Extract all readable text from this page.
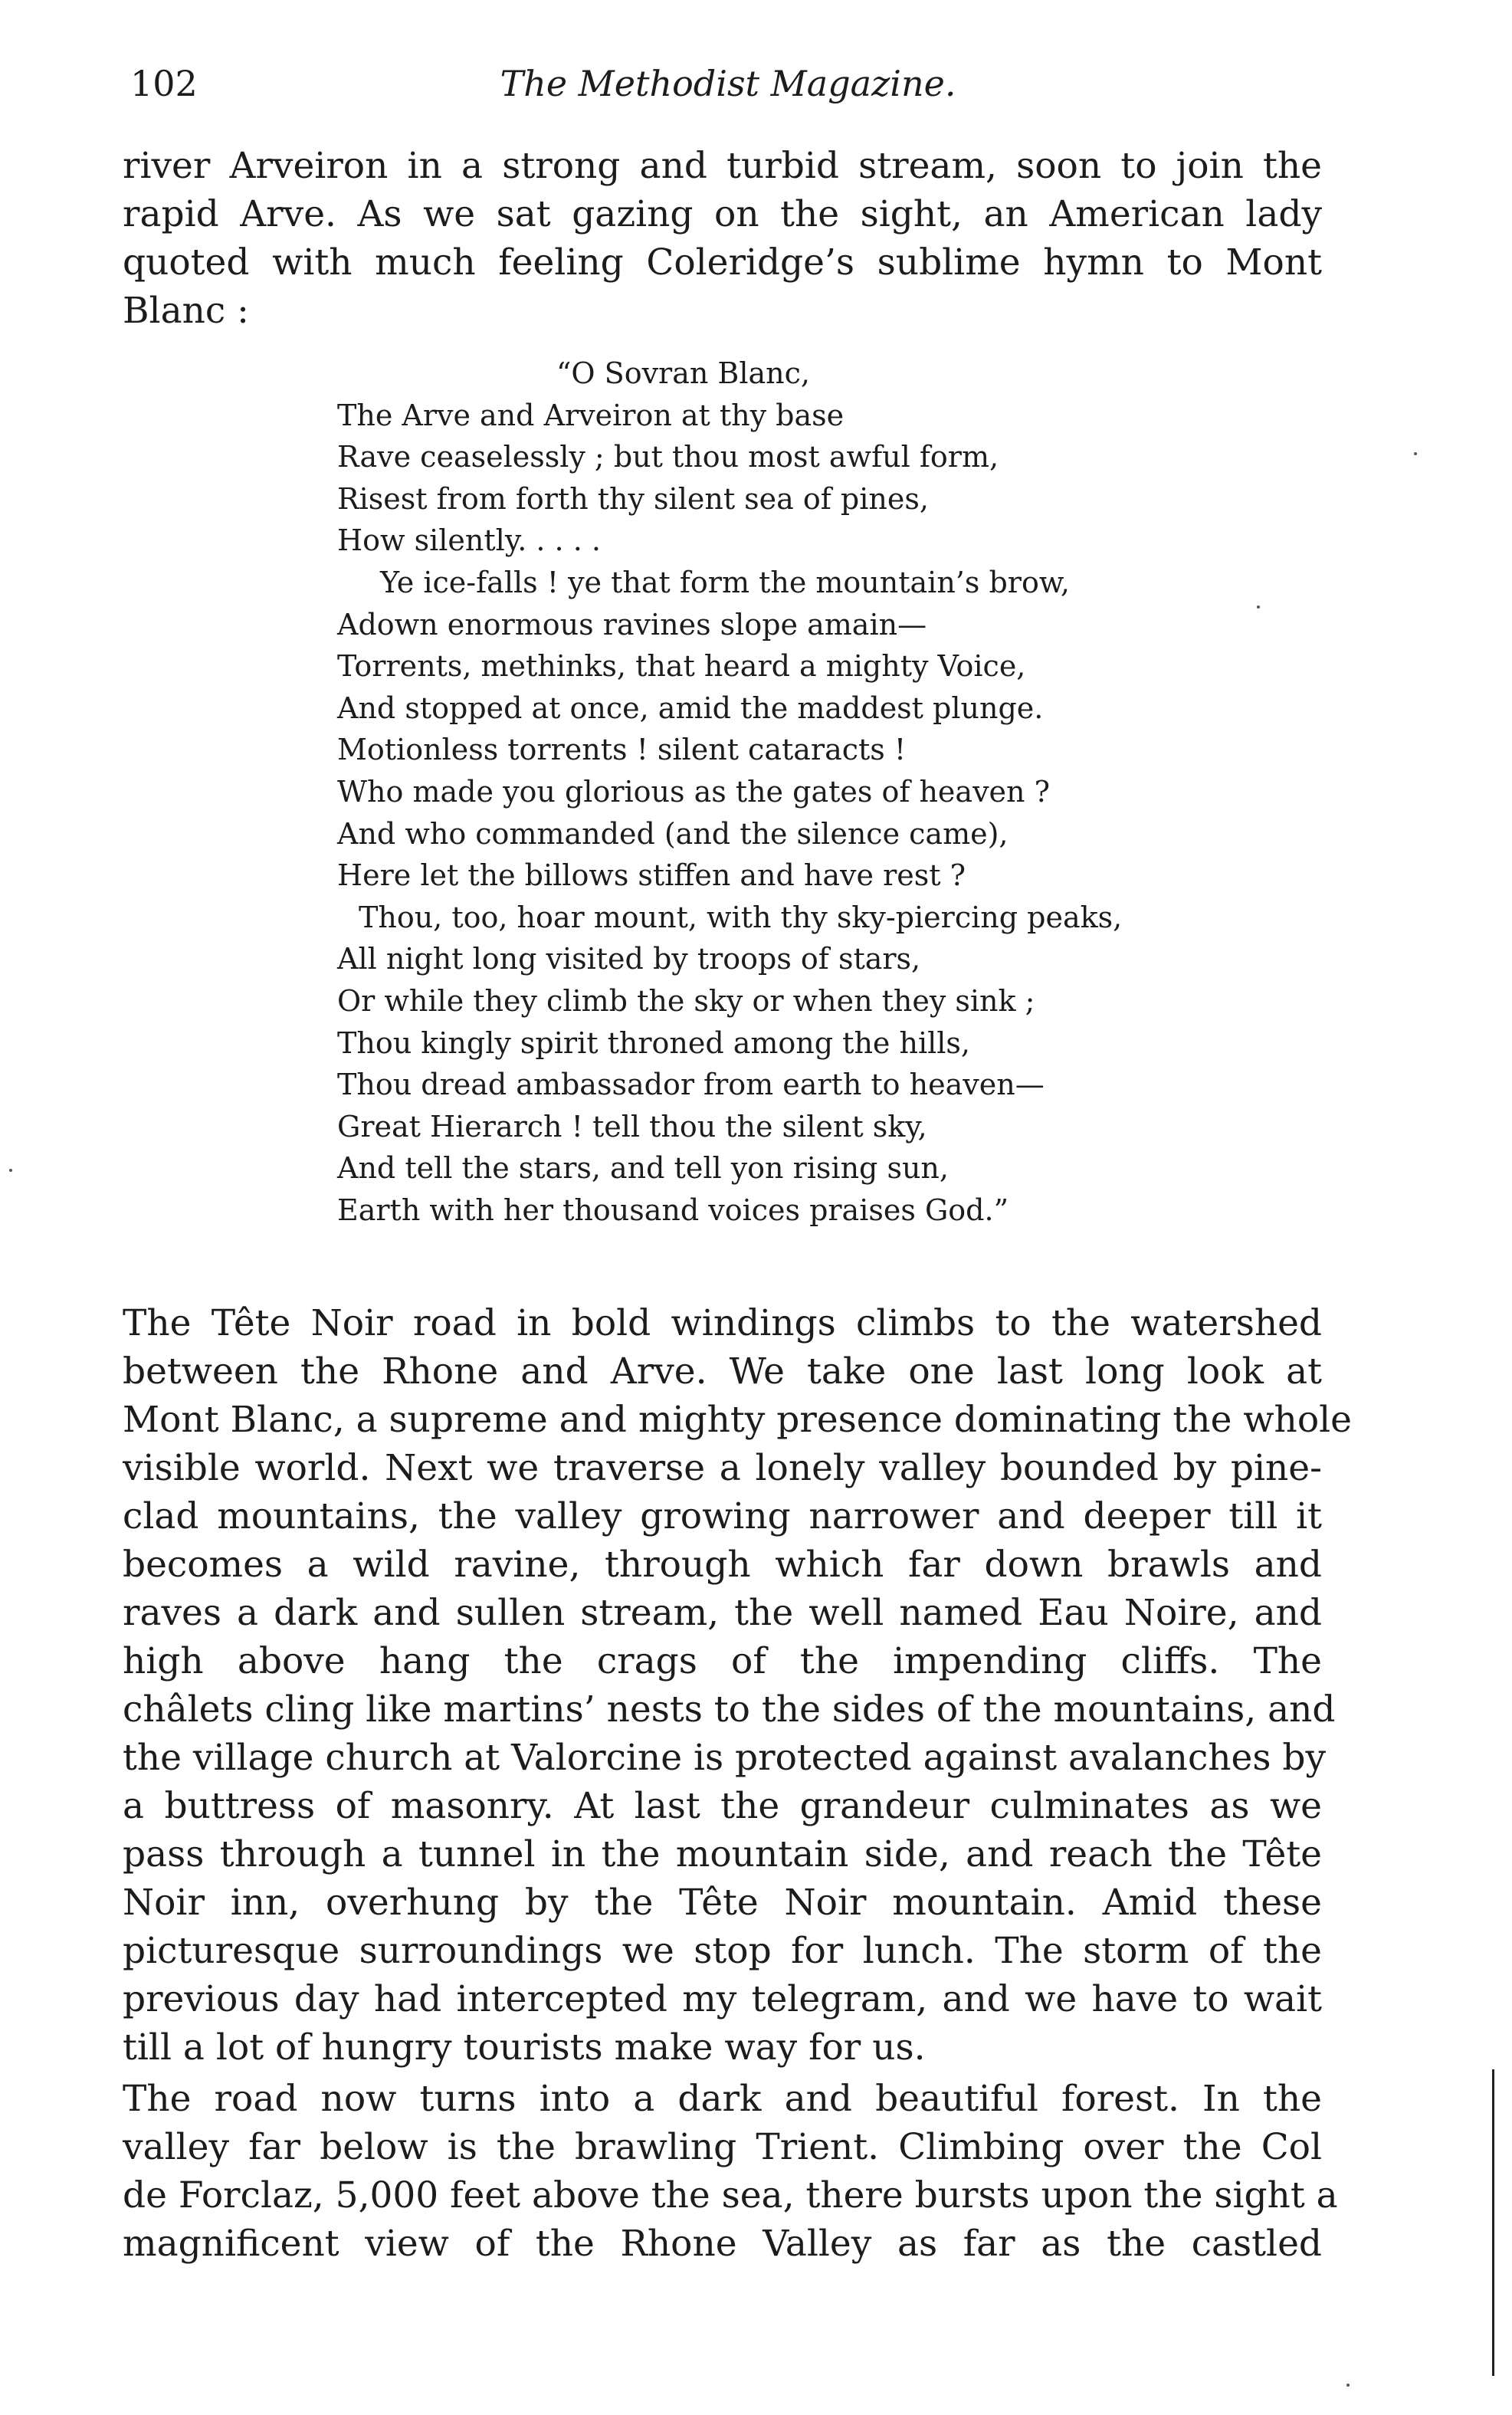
102	The Methodist Magazine.
river Arveiron in a strong and turbid stream, soon to join the
rapid Arve. As we sat gazing on the sight, an American lady
quoted with much feeling Coleridge’s sublime hymn to Mont
Blanc :
“O Sovran Blanc,
The Arve and Arveiron at thy base
Rave ceaselessly ; but thou most awful form,
Risest from forth thy silent sea of pines,
How silently. . . . .
Ye ice-falls ! ye that form the mountain’s brow,
Adown enormous ravines slope amain—
Torrents, methinks, that heard a mighty Voice,
And stopped at once, amid the maddest plunge.
Motionless torrents ! silent cataracts !
Who made you glorious as the gates of heaven ?
And who commanded (and the silence came),
Here let the billows stiffen and have rest ?
Thou, too, hoar mount, with thy sky-piercing peaks,
All night long visited by troops of stars,
Or while they climb the sky or when they sink ;
Thou kingly spirit throned among the hills,
Thou dread ambassador from earth to heaven—
Great Hierarch ! tell thou the silent sky,
And tell the stars, and tell yon rising sun,
Earth with her thousand voices praises God.”
The Tête Noir road in bold windings climbs to the watershed
between the Rhone and Arve. We take one last long look at
Mont Blanc, a supreme and mighty presence dominating the whole
visible world. Next we traverse a lonely valley bounded by pine-
clad mountains, the valley growing narrower and deeper till it
becomes a wild ravine, through which far down brawls and
raves a dark and sullen stream, the well named Eau Noire, and
high above hang the crags of the impending cliffs. The
châlets cling like martins’ nests to the sides of the mountains, and
the village church at Valorcine is protected against avalanches by
a buttress of masonry. At last the grandeur culminates as we
pass through a tunnel in the mountain side, and reach the Tête
Noir inn, overhung by the Tête Noir mountain. Amid these
picturesque surroundings we stop for lunch. The storm of the
previous day had intercepted my telegram, and we have to wait
till a lot of hungry tourists make way for us.
The road now turns into a dark and beautiful forest. In the
valley far below is the brawling Trient. Climbing over the Col
de Forclaz, 5,000 feet above the sea, there bursts upon the sight a
magnificent view of the Rhone Valley as far as the castled
